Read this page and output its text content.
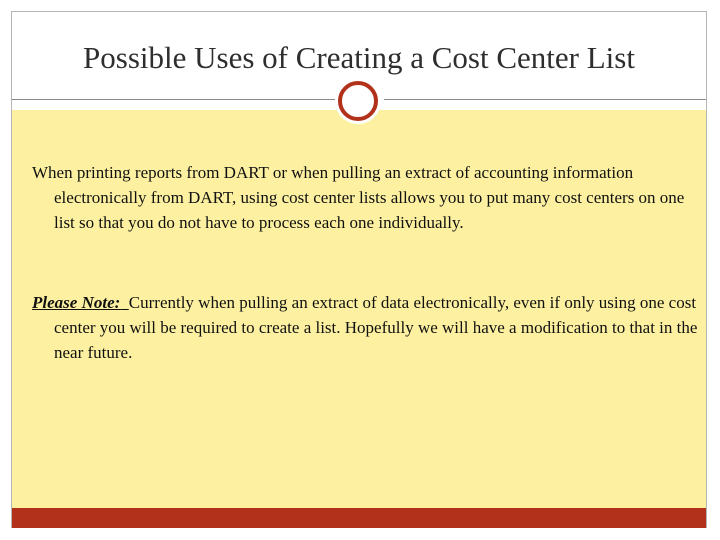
Possible Uses of Creating a Cost Center List

When printing reports from DART or when pulling an extract of accounting information electronically from DART, using cost center lists allows you to put many cost centers on one list so that you do not have to process each one individually.

Please Note: Currently when pulling an extract of data electronically, even if only using one cost center you will be required to create a list. Hopefully we will have a modification to that in the near future.
